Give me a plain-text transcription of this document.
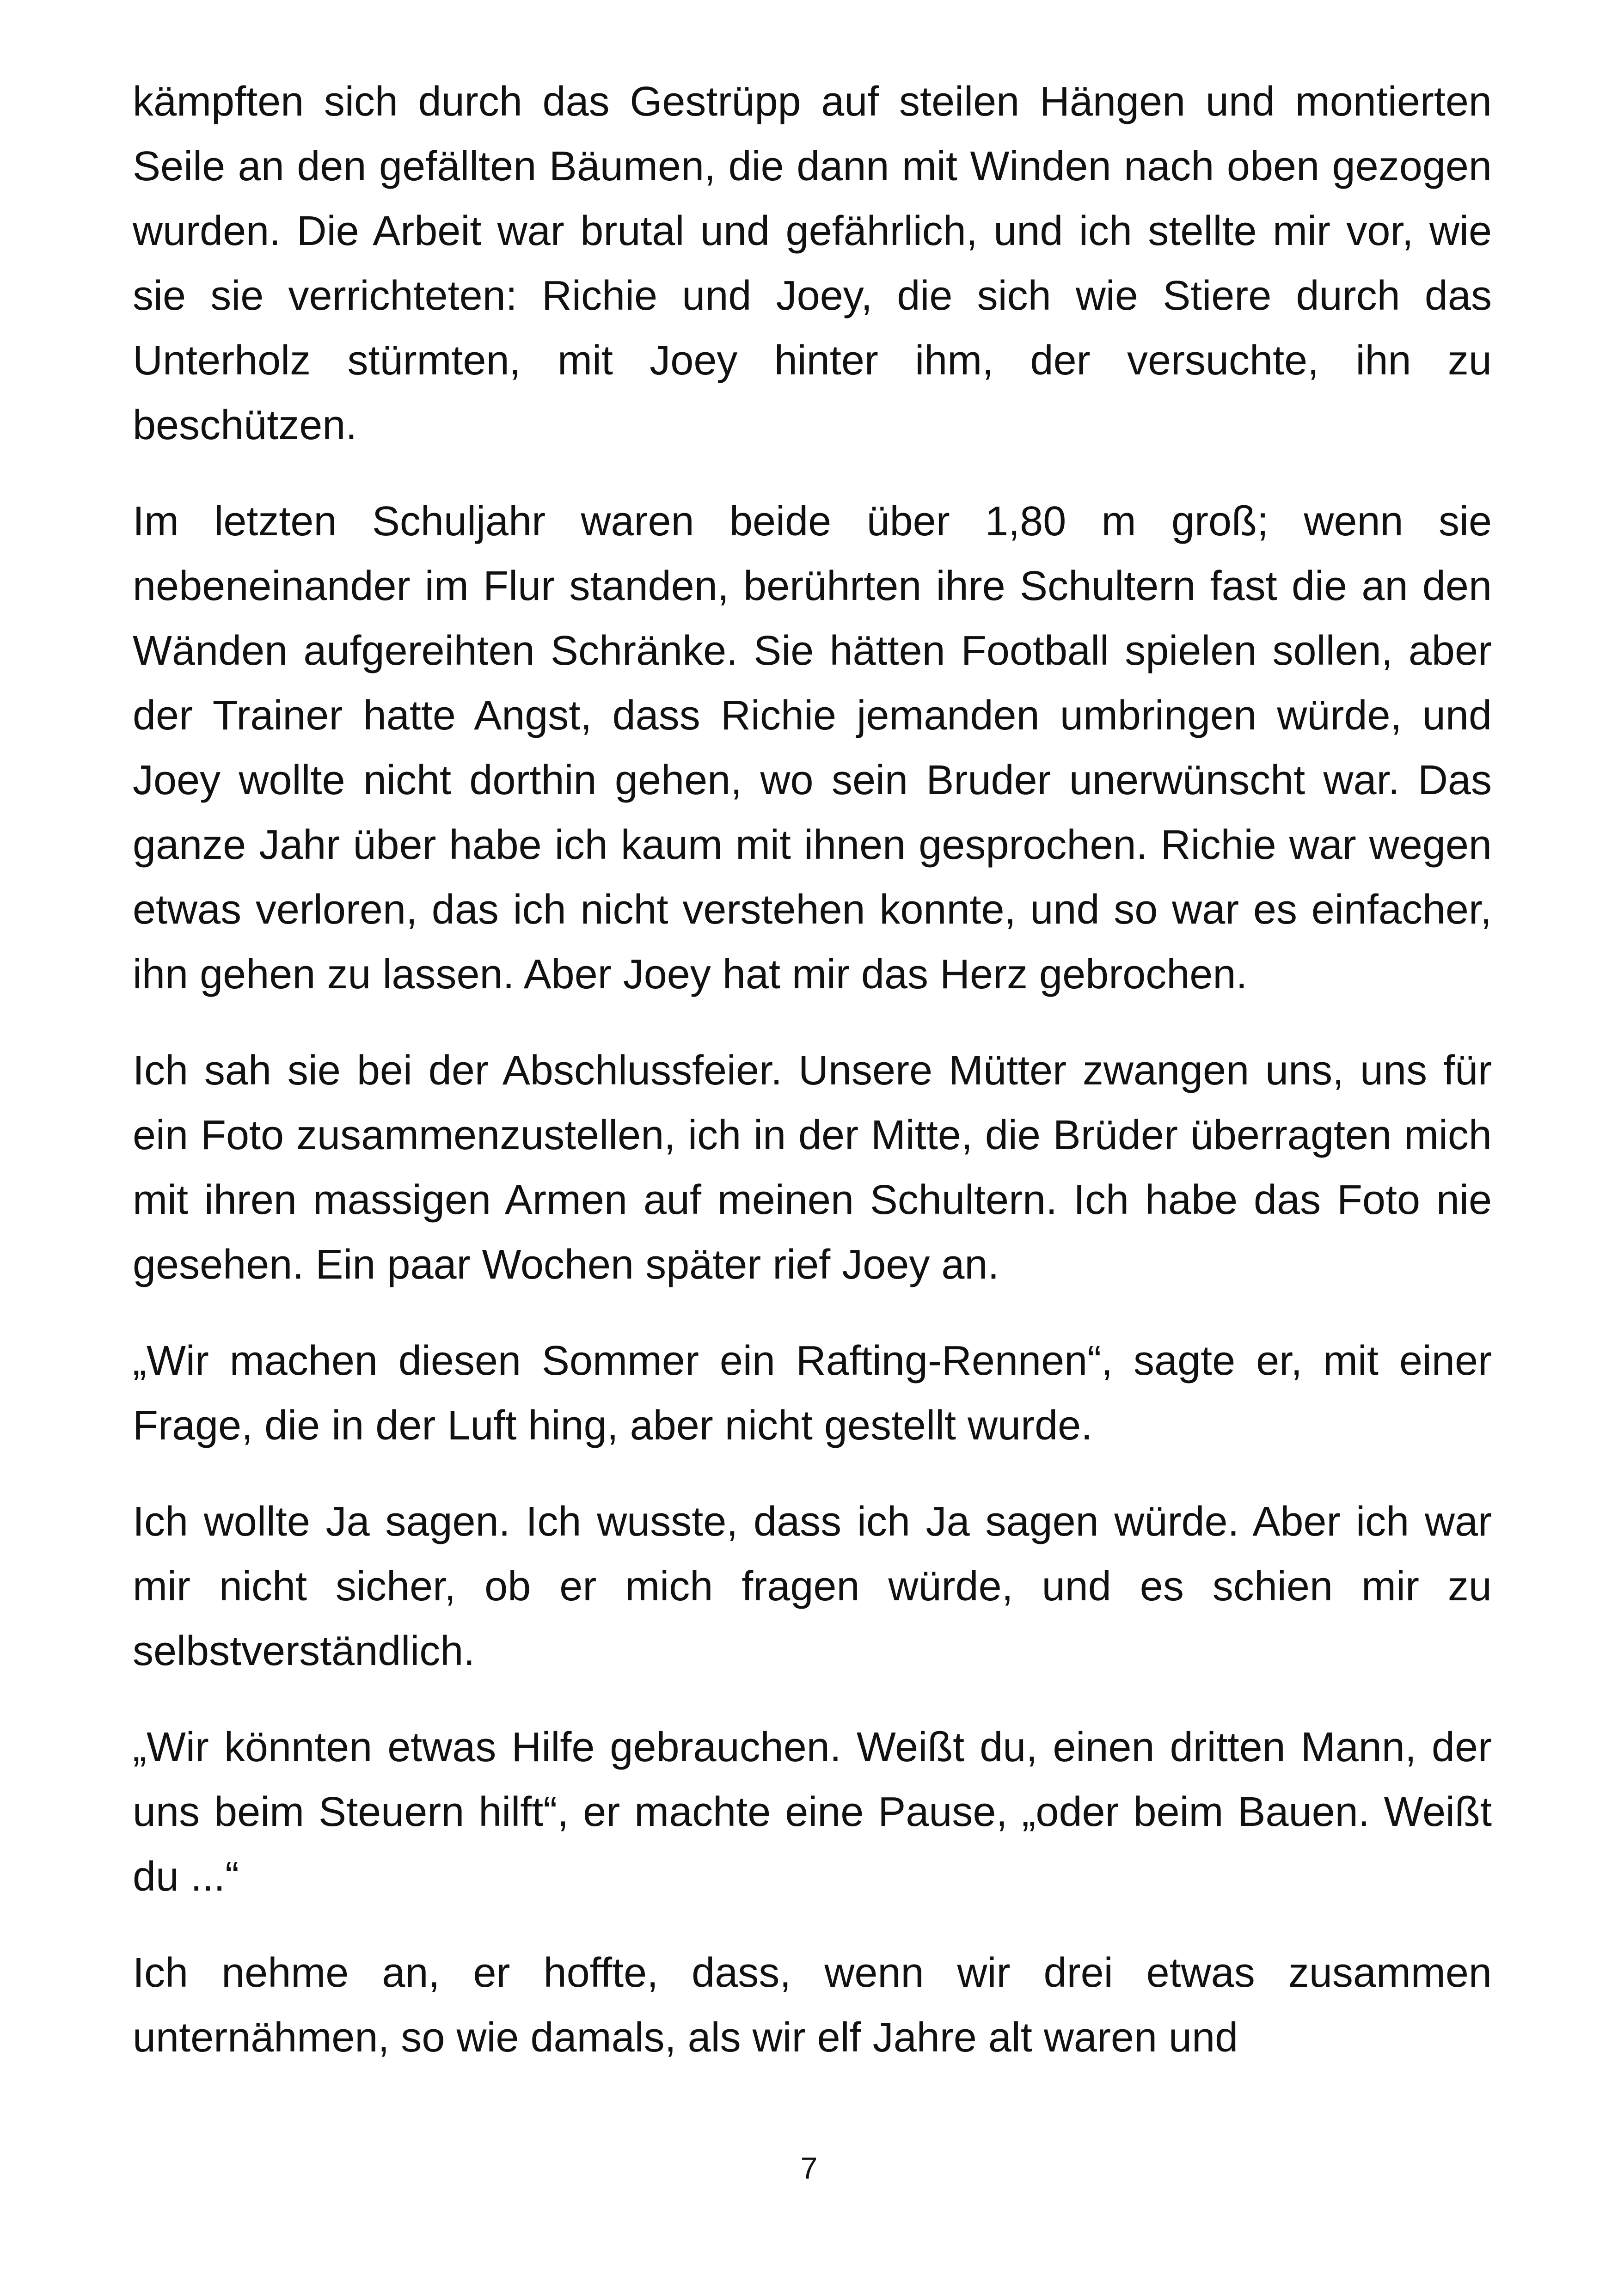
kämpften sich durch das Gestrüpp auf steilen Hängen und montierten Seile an den gefällten Bäumen, die dann mit Winden nach oben gezogen wurden. Die Arbeit war brutal und gefährlich, und ich stellte mir vor, wie sie sie verrichteten: Richie und Joey, die sich wie Stiere durch das Unterholz stürmten, mit Joey hinter ihm, der versuchte, ihn zu beschützen.

Im letzten Schuljahr waren beide über 1,80 m groß; wenn sie nebeneinander im Flur standen, berührten ihre Schultern fast die an den Wänden aufgereihten Schränke. Sie hätten Football spielen sollen, aber der Trainer hatte Angst, dass Richie jemanden umbringen würde, und Joey wollte nicht dorthin gehen, wo sein Bruder unerwünscht war. Das ganze Jahr über habe ich kaum mit ihnen gesprochen. Richie war wegen etwas verloren, das ich nicht verstehen konnte, und so war es einfacher, ihn gehen zu lassen. Aber Joey hat mir das Herz gebrochen.

Ich sah sie bei der Abschlussfeier. Unsere Mütter zwangen uns, uns für ein Foto zusammenzustellen, ich in der Mitte, die Brüder überragten mich mit ihren massigen Armen auf meinen Schultern. Ich habe das Foto nie gesehen. Ein paar Wochen später rief Joey an.

„Wir machen diesen Sommer ein Rafting-Rennen“, sagte er, mit einer Frage, die in der Luft hing, aber nicht gestellt wurde.

Ich wollte Ja sagen. Ich wusste, dass ich Ja sagen würde. Aber ich war mir nicht sicher, ob er mich fragen würde, und es schien mir zu selbstverständlich.

„Wir könnten etwas Hilfe gebrauchen. Weißt du, einen dritten Mann, der uns beim Steuern hilft“, er machte eine Pause, „oder beim Bauen. Weißt du ...“

Ich nehme an, er hoffte, dass, wenn wir drei etwas zusammen unternähmen, so wie damals, als wir elf Jahre alt waren und

7
